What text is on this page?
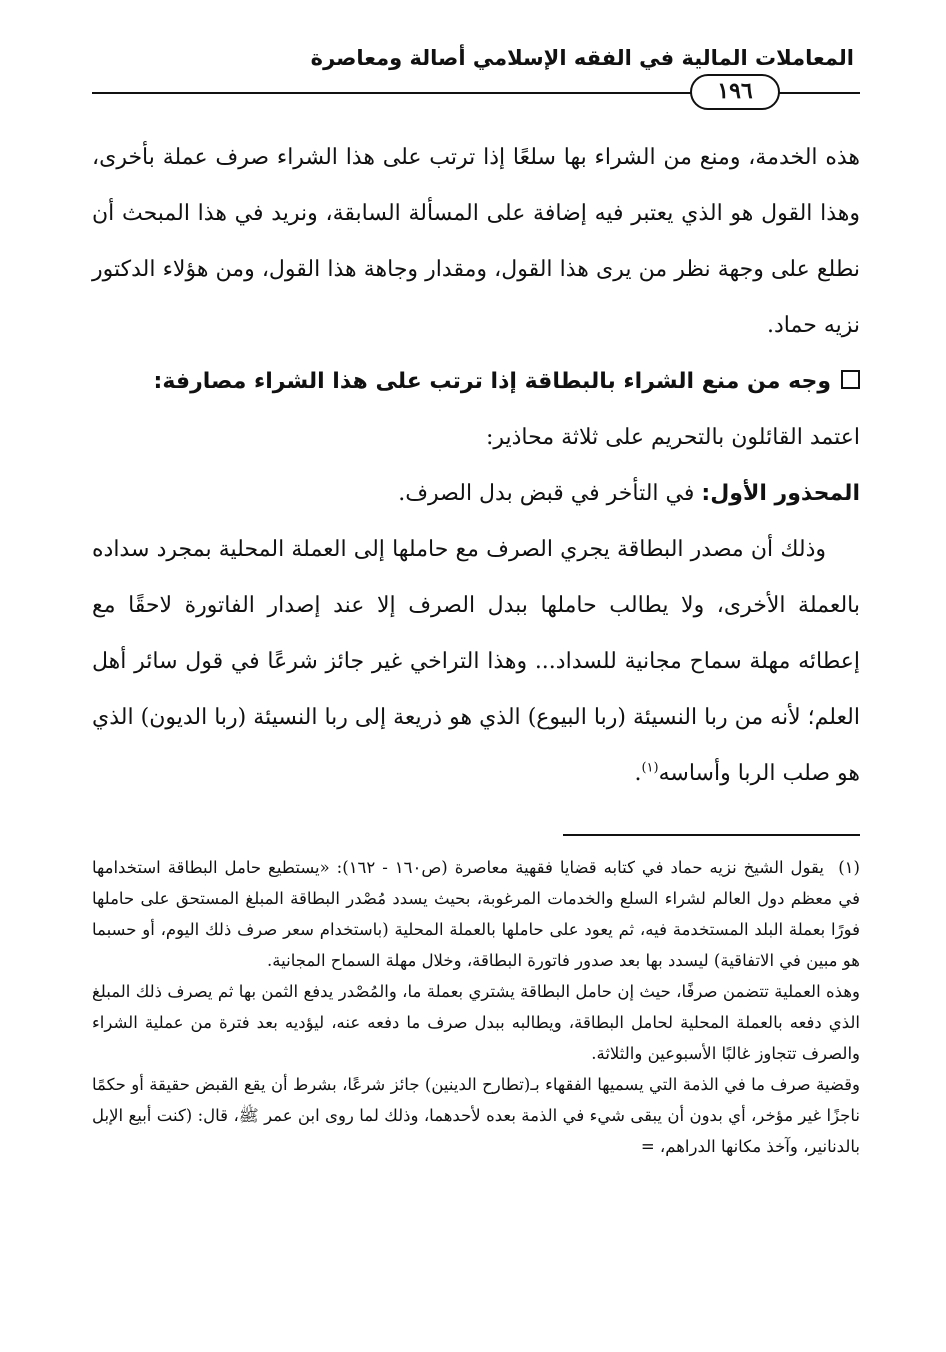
المعاملات المالية في الفقه الإسلامي أصالة ومعاصرة
١٩٦

هذه الخدمة، ومنع من الشراء بها سلعًا إذا ترتب على هذا الشراء صرف عملة بأخرى، وهذا القول هو الذي يعتبر فيه إضافة على المسألة السابقة، ونريد في هذا المبحث أن نطلع على وجهة نظر من يرى هذا القول، ومقدار وجاهة هذا القول، ومن هؤلاء الدكتور نزيه حماد.

وجه من منع الشراء بالبطاقة إذا ترتب على هذا الشراء مصارفة:

اعتمد القائلون بالتحريم على ثلاثة محاذير:

المحذور الأول: في التأخر في قبض بدل الصرف.

وذلك أن مصدر البطاقة يجري الصرف مع حاملها إلى العملة المحلية بمجرد سداده بالعملة الأخرى، ولا يطالب حاملها ببدل الصرف إلا عند إصدار الفاتورة لاحقًا مع إعطائه مهلة سماح مجانية للسداد... وهذا التراخي غير جائز شرعًا في قول سائر أهل العلم؛ لأنه من ربا النسيئة (ربا البيوع) الذي هو ذريعة إلى ربا النسيئة (ربا الديون) الذي هو صلب الربا وأساسه$^{(١)}$.

(١)يقول الشيخ نزيه حماد في كتابه قضايا فقهية معاصرة (ص١٦٠ - ١٦٢): «يستطيع حامل البطاقة استخدامها في معظم دول العالم لشراء السلع والخدمات المرغوبة، بحيث يسدد مُصْدر البطاقة المبلغ المستحق على حاملها فورًا بعملة البلد المستخدمة فيه، ثم يعود على حاملها بالعملة المحلية (باستخدام سعر صرف ذلك اليوم، أو حسبما هو مبين في الاتفاقية) ليسدد بها بعد صدور فاتورة البطاقة، وخلال مهلة السماح المجانية.

وهذه العملية تتضمن صرفًا، حيث إن حامل البطاقة يشتري بعملة ما، والمُصْدر يدفع الثمن بها ثم يصرف ذلك المبلغ الذي دفعه بالعملة المحلية لحامل البطاقة، ويطالبه ببدل صرف ما دفعه عنه، ليؤديه بعد فترة من عملية الشراء والصرف تتجاوز غالبًا الأسبوعين والثلاثة.

وقضية صرف ما في الذمة التي يسميها الفقهاء بـ(تطارح الدينين) جائز شرعًا، بشرط أن يقع القبض حقيقة أو حكمًا ناجزًا غير مؤخر، أي بدون أن يبقى شيء في الذمة بعده لأحدهما، وذلك لما روى ابن عمر ﷺ، قال: (كنت أبيع الإبل بالدنانير، وآخذ مكانها الدراهم، =
